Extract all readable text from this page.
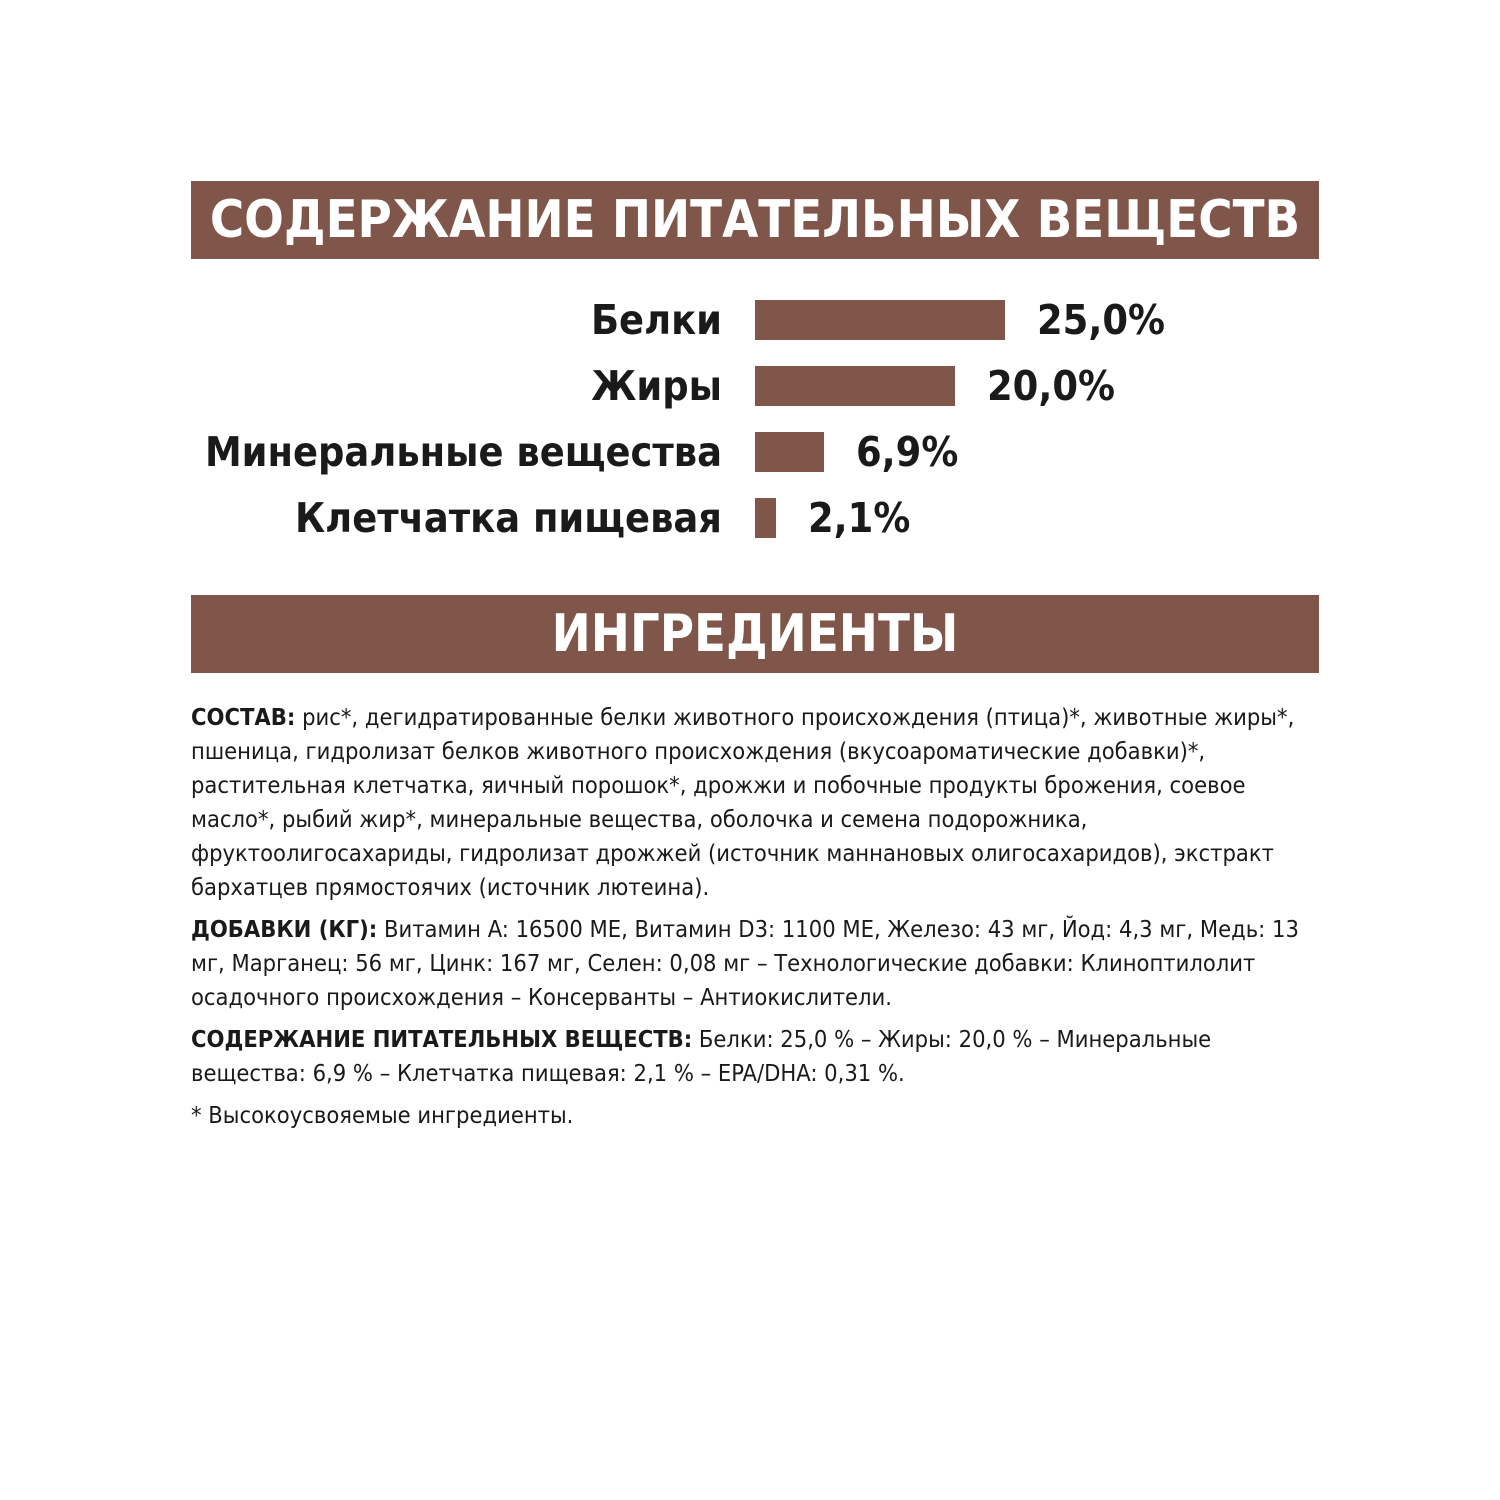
СОДЕРЖАНИЕ ПИТАТЕЛЬНЫХ ВЕЩЕСТВ
Белки	25,0%
Жиры	20,0%
Минеральные вещества	6,9%
Клетчатка пищевая 2,1%
ИНГРЕДИЕНТЫ

СОСТАВ: рис*, дегидратированные белки животного происхождения (птица)*, животные жиры*, пшеница, гидролизат белков животного происхождения (вкусоароматические добавки)*, растительная клетчатка, яичный порошок*, дрожжи и побочные продукты брожения, соевое масло*, рыбий жир*, минеральные вещества, оболочка и семена подорожника, фруктоолигосахариды, гидролизат дрожжей (источник маннановых олигосахаридов), экстракт бархатцев прямостоячих (источник лютеина).

ДОБАВКИ (КГ): Витамин A: 16500 МЕ, Витамин D3: 1100 МЕ, Железо: 43 мг, Йод: 4,3 мг, Медь: 13 мг, Марганец: 56 мг, Цинк: 167 мг, Селен: 0,08 мг – Технологические добавки: Клиноптилолит осадочного происхождения – Консерванты – Антиокислители.

СОДЕРЖАНИЕ ПИТАТЕЛЬНЫХ ВЕЩЕСТВ: Белки: 25,0 % – Жиры: 20,0 % – Минеральные вещества: 6,9 % – Клетчатка пищевая: 2,1 % – EPA/DHA: 0,31 %.

* Высокоусвояемые ингредиенты.
